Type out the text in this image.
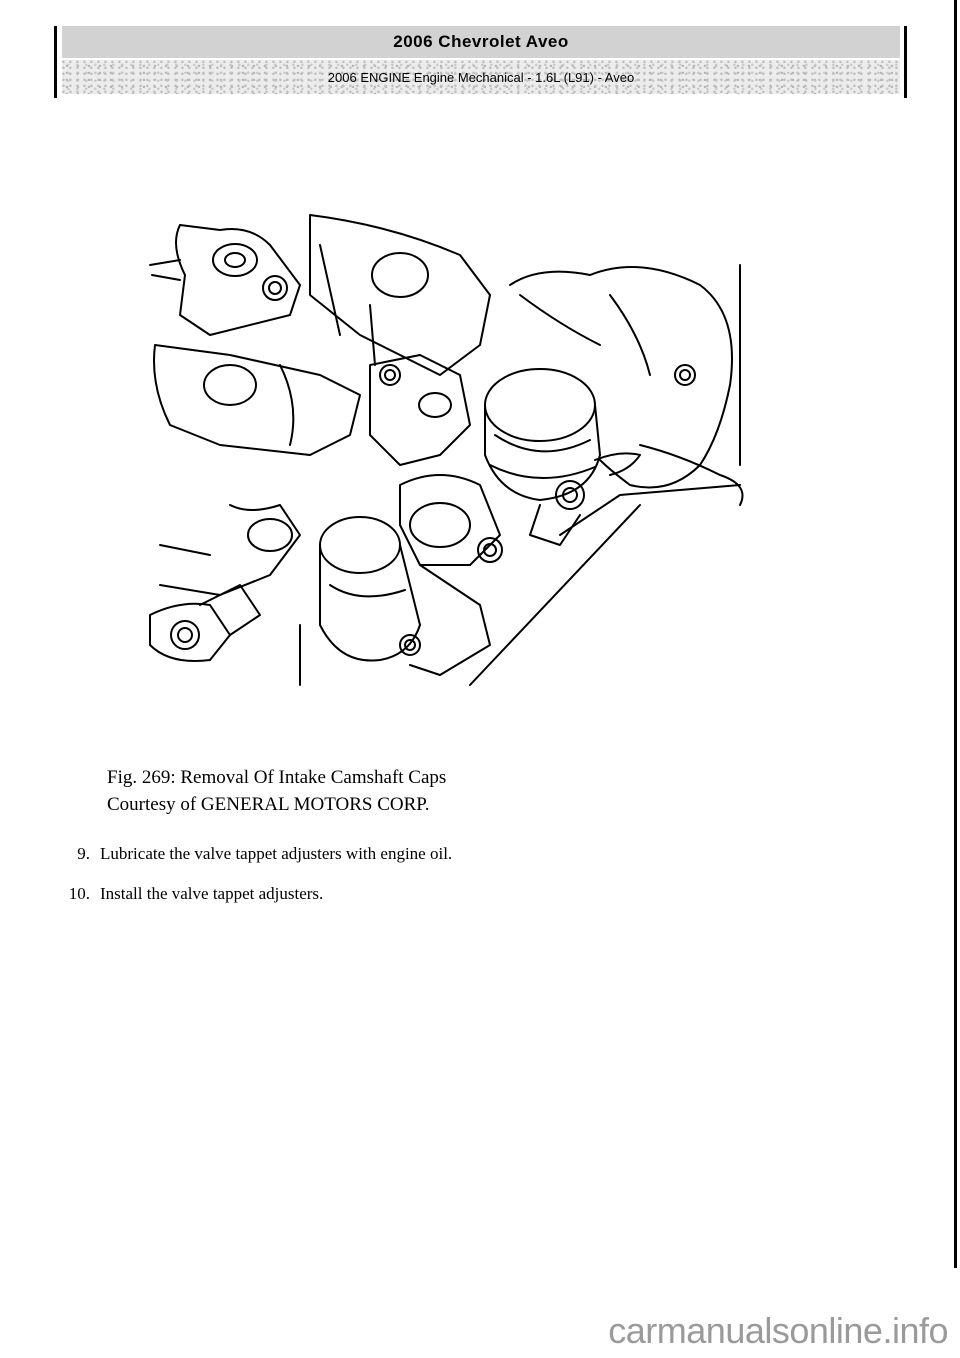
2006 Chevrolet Aveo
2006 ENGINE Engine Mechanical - 1.6L (L91) - Aveo
Fig. 269: Removal Of Intake Camshaft Caps
Courtesy of GENERAL MOTORS CORP.
9. Lubricate the valve tappet adjusters with engine oil.
10. Install the valve tappet adjusters.
carmanualsonline.info
